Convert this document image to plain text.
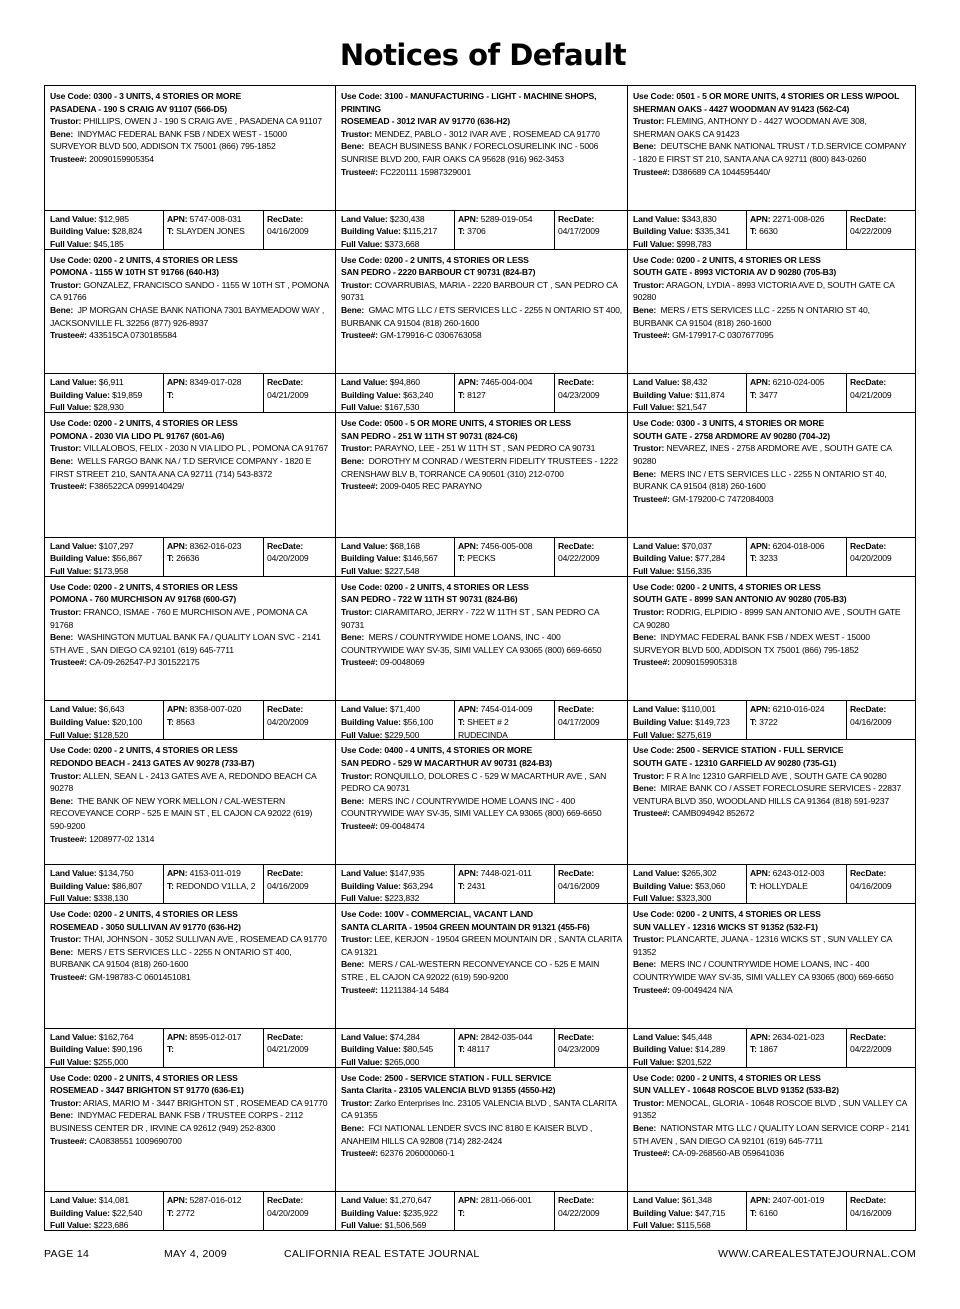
Notices of Default
Use Code: 0300 - 3 UNITS, 4 STORIES OR MORE
PASADENA - 190 S CRAIG AV 91107 (566-D5)
Trustor: PHILLIPS, OWEN J - 190 S CRAIG AVE , PASADENA CA 91107
Bene: INDYMAC FEDERAL BANK FSB / NDEX WEST - 15000 SURVEYOR BLVD 500, ADDISON TX 75001 (866) 795-1852
Trustee#: 20090159905354
Land Value: $12,985
Building Value: $28,824
Full Value: $45,185
APN: 5747-008-031
T: SLAYDEN JONES
RecDate:
04/16/2009
Use Code: 0200 - 2 UNITS, 4 STORIES OR LESS
POMONA - 1155 W 10TH ST 91766 (640-H3)
Trustor: GONZALEZ, FRANCISCO SANDO - 1155 W 10TH ST , POMONA CA 91766
Bene: JP MORGAN CHASE BANK NATIONA 7301 BAYMEADOW WAY , JACKSONVILLE FL 32256 (877) 926-8937
Trustee#: 433515CA 0730185584
Land Value: $6,911
Building Value: $19,859
Full Value: $28,930
APN: 8349-017-028
T:
RecDate:
04/21/2009
Use Code: 0200 - 2 UNITS, 4 STORIES OR LESS
POMONA - 2030 VIA LIDO PL 91767 (601-A6)
Trustor: VILLALOBOS, FELIX - 2030 N VIA LIDO PL , POMONA CA 91767
Bene: WELLS FARGO BANK NA / T.D SERVICE COMPANY - 1820 E FIRST STREET 210, SANTA ANA CA 92711 (714) 543-8372
Trustee#: F386522CA 0999140429/
Land Value: $107,297
Building Value: $56,867
Full Value: $173,958
APN: 8362-016-023
T: 26636
RecDate:
04/20/2009
Use Code: 0200 - 2 UNITS, 4 STORIES OR LESS
POMONA - 760 MURCHISON AV 91768 (600-G7)
Trustor: FRANCO, ISMAE - 760 E MURCHISON AVE , POMONA CA 91768
Bene: WASHINGTON MUTUAL BANK FA / QUALITY LOAN SVC - 2141 5TH AVE , SAN DIEGO CA 92101 (619) 645-7711
Trustee#: CA-09-262547-PJ 301522175
Land Value: $6,643
Building Value: $20,100
Full Value: $128,520
APN: 8358-007-020
T: 8563
RecDate:
04/20/2009
Use Code: 0200 - 2 UNITS, 4 STORIES OR LESS
REDONDO BEACH - 2413 GATES AV 90278 (733-B7)
Trustor: ALLEN, SEAN L - 2413 GATES AVE A, REDONDO BEACH CA 90278
Bene: THE BANK OF NEW YORK MELLON / CAL-WESTERN RECOVEYANCE CORP - 525 E MAIN ST , EL CAJON CA 92022 (619) 590-9200
Trustee#: 1208977-02 1314
Land Value: $134,750
Building Value: $86,807
Full Value: $338,130
APN: 4153-011-019
T: REDONDO V1LLA, 2
RecDate:
04/16/2009
Use Code: 0200 - 2 UNITS, 4 STORIES OR LESS
ROSEMEAD - 3050 SULLIVAN AV 91770 (636-H2)
Trustor: THAI, JOHNSON - 3052 SULLIVAN AVE , ROSEMEAD CA 91770
Bene: MERS / ETS SERVICES LLC - 2255 N ONTARIO ST 400, BURBANK CA 91504 (818) 260-1600
Trustee#: GM-198783-C 0601451081
Land Value: $162,764
Building Value: $90,196
Full Value: $255,000
APN: 8595-012-017
T:
RecDate:
04/21/2009
Use Code: 0200 - 2 UNITS, 4 STORIES OR LESS
ROSEMEAD - 3447 BRIGHTON ST 91770 (636-E1)
Trustor: ARIAS, MARIO M - 3447 BRIGHTON ST , ROSEMEAD CA 91770
Bene: INDYMAC FEDERAL BANK FSB / TRUSTEE CORPS - 2112 BUSINESS CENTER DR , IRVINE CA 92612 (949) 252-8300
Trustee#: CA0838551 1009690700
Land Value: $14,081
Building Value: $22,540
Full Value: $223,686
APN: 5287-016-012
T: 2772
RecDate:
04/20/2009
Use Code: 3100 - MANUFACTURING - LIGHT - MACHINE SHOPS, PRINTING
ROSEMEAD - 3012 IVAR AV 91770 (636-H2)
Trustor: MENDEZ, PABLO - 3012 IVAR AVE , ROSEMEAD CA 91770
Bene: BEACH BUSINESS BANK / FORECLOSURELINK INC - 5006 SUNRISE BLVD 200, FAIR OAKS CA 95628 (916) 962-3453
Trustee#: FC220111 15987329001
Land Value: $230,438
Building Value: $115,217
Full Value: $373,668
APN: 5289-019-054
T: 3706
RecDate:
04/17/2009
Use Code: 0200 - 2 UNITS, 4 STORIES OR LESS
SAN PEDRO - 2220 BARBOUR CT 90731 (824-B7)
Trustor: COVARRUBIAS, MARIA - 2220 BARBOUR CT , SAN PEDRO CA 90731
Bene: GMAC MTG LLC / ETS SERVICES LLC - 2255 N ONTARIO ST 400, BURBANK CA 91504 (818) 260-1600
Trustee#: GM-179916-C 0306763058
Land Value: $94,860
Building Value: $63,240
Full Value: $167,530
APN: 7465-004-004
T: 8127
RecDate:
04/23/2009
Use Code: 0500 - 5 OR MORE UNITS, 4 STORIES OR LESS
SAN PEDRO - 251 W 11TH ST 90731 (824-C6)
Trustor: PARAYNO, LEE - 251 W 11TH ST , SAN PEDRO CA 90731
Bene: DOROTHY M CONRAD / WESTERN FIDELITY TRUSTEES - 1222 CRENSHAW BLV B, TORRANCE CA 90501 (310) 212-0700
Trustee#: 2009-0405 REC PARAYNO
Land Value: $68,168
Building Value: $146,567
Full Value: $227,548
APN: 7456-005-008
T: PECKS
RecDate:
04/22/2009
Use Code: 0200 - 2 UNITS, 4 STORIES OR LESS
SAN PEDRO - 722 W 11TH ST 90731 (824-B6)
Trustor: CIARAMITARO, JERRY - 722 W 11TH ST , SAN PEDRO CA 90731
Bene: MERS / COUNTRYWIDE HOME LOANS, INC - 400 COUNTRYWIDE WAY SV-35, SIMI VALLEY CA 93065 (800) 669-6650
Trustee#: 09-0048069
Land Value: $71,400
Building Value: $56,100
Full Value: $229,500
APN: 7454-014-009
T: SHEET # 2 RUDECINDA
RecDate:
04/17/2009
Use Code: 0400 - 4 UNITS, 4 STORIES OR MORE
SAN PEDRO - 529 W MACARTHUR AV 90731 (824-B3)
Trustor: RONQUILLO, DOLORES C - 529 W MACARTHUR AVE , SAN PEDRO CA 90731
Bene: MERS INC / COUNTRYWIDE HOME LOANS INC - 400 COUNTRYWIDE WAY SV-35, SIMI VALLEY CA 93065 (800) 669-6650
Trustee#: 09-0048474
Land Value: $147,935
Building Value: $63,294
Full Value: $223,832
APN: 7448-021-011
T: 2431
RecDate:
04/16/2009
Use Code: 100V - COMMERCIAL, VACANT LAND
SANTA CLARITA - 19504 GREEN MOUNTAIN DR 91321 (455-F6)
Trustor: LEE, KERJON - 19504 GREEN MOUNTAIN DR , SANTA CLARITA CA 91321
Bene: MERS / CAL-WESTERN RECONVEYANCE CO - 525 E MAIN STRE , EL CAJON CA 92022 (619) 590-9200
Trustee#: 11211384-14 5484
Land Value: $74,284
Building Value: $80,545
Full Value: $265,000
APN: 2842-035-044
T: 48117
RecDate:
04/23/2009
Use Code: 2500 - SERVICE STATION - FULL SERVICE
Santa Clarita - 23105 VALENCIA BLVD 91355 (4550-H2)
Trustor: Zarko Enterprises Inc. 23105 VALENCIA BLVD , SANTA CLARITA CA 91355
Bene: FCI NATIONAL LENDER SVCS INC 8180 E KAISER BLVD , ANAHEIM HILLS CA 92808 (714) 282-2424
Trustee#: 62376 206000060-1
Land Value: $1,270,647
Building Value: $235,922
Full Value: $1,506,569
APN: 2811-066-001
T:
RecDate:
04/22/2009
Use Code: 0501 - 5 OR MORE UNITS, 4 STORIES OR LESS W/POOL
SHERMAN OAKS - 4427 WOODMAN AV 91423 (562-C4)
Trustor: FLEMING, ANTHONY D - 4427 WOODMAN AVE 308, SHERMAN OAKS CA 91423
Bene: DEUTSCHE BANK NATIONAL TRUST / T.D.SERVICE COMPANY - 1820 E FIRST ST 210, SANTA ANA CA 92711 (800) 843-0260
Trustee#: D386689 CA 1044595440/
Land Value: $343,830
Building Value: $335,341
Full Value: $998,783
APN: 2271-008-026
T: 6630
RecDate:
04/22/2009
Use Code: 0200 - 2 UNITS, 4 STORIES OR LESS
SOUTH GATE - 8993 VICTORIA AV D 90280 (705-B3)
Trustor: ARAGON, LYDIA - 8993 VICTORIA AVE D, SOUTH GATE CA 90280
Bene: MERS / ETS SERVICES LLC - 2255 N ONTARIO ST 40, BURBANK CA 91504 (818) 260-1600
Trustee#: GM-179917-C 0307677095
Land Value: $8,432
Building Value: $11,874
Full Value: $21,547
APN: 6210-024-005
T: 3477
RecDate:
04/21/2009
Use Code: 0300 - 3 UNITS, 4 STORIES OR MORE
SOUTH GATE - 2758 ARDMORE AV 90280 (704-J2)
Trustor: NEVAREZ, INES - 2758 ARDMORE AVE , SOUTH GATE CA 90280
Bene: MERS INC / ETS SERVICES LLC - 2255 N ONTARIO ST 40, BURANK CA 91504 (818) 260-1600
Trustee#: GM-179200-C 7472084003
Land Value: $70,037
Building Value: $77,284
Full Value: $156,335
APN: 6204-018-006
T: 3233
RecDate:
04/20/2009
Use Code: 0200 - 2 UNITS, 4 STORIES OR LESS
SOUTH GATE - 8999 SAN ANTONIO AV 90280 (705-B3)
Trustor: RODRIG, ELPIDIO - 8999 SAN ANTONIO AVE , SOUTH GATE CA 90280
Bene: INDYMAC FEDERAL BANK FSB / NDEX WEST - 15000 SURVEYOR BLVD 500, ADDISON TX 75001 (866) 795-1852
Trustee#: 20090159905318
Land Value: $110,001
Building Value: $149,723
Full Value: $275,619
APN: 6210-016-024
T: 3722
RecDate:
04/16/2009
Use Code: 2500 - SERVICE STATION - FULL SERVICE
SOUTH GATE - 12310 GARFIELD AV 90280 (735-G1)
Trustor: F R A Inc 12310 GARFIELD AVE , SOUTH GATE CA 90280
Bene: MIRAE BANK CO / ASSET FORECLOSURE SERVICES - 22837 VENTURA BLVD 350, WOODLAND HILLS CA 91364 (818) 591-9237
Trustee#: CAMB094942 852672
Land Value: $265,302
Building Value: $53,060
Full Value: $323,300
APN: 6243-012-003
T: HOLLYDALE
RecDate:
04/16/2009
Use Code: 0200 - 2 UNITS, 4 STORIES OR LESS
SUN VALLEY - 12316 WICKS ST 91352 (532-F1)
Trustor: PLANCARTE, JUANA - 12316 WICKS ST , SUN VALLEY CA 91352
Bene: MERS INC / COUNTRYWIDE HOME LOANS, INC - 400 COUNTRYWIDE WAY SV-35, SIMI VALLEY CA 93065 (800) 669-6650
Trustee#: 09-0049424 N/A
Land Value: $45,448
Building Value: $14,289
Full Value: $201,522
APN: 2634-021-023
T: 1867
RecDate:
04/22/2009
Use Code: 0200 - 2 UNITS, 4 STORIES OR LESS
SUN VALLEY - 10648 ROSCOE BLVD 91352 (533-B2)
Trustor: MENOCAL, GLORIA - 10648 ROSCOE BLVD , SUN VALLEY CA 91352
Bene: NATIONSTAR MTG LLC / QUALITY LOAN SERVICE CORP - 2141 5TH AVEN , SAN DIEGO CA 92101 (619) 645-7711
Trustee#: CA-09-268560-AB 059641036
Land Value: $61,348
Building Value: $47,715
Full Value: $115,568
APN: 2407-001-019
T: 6160
RecDate:
04/16/2009
PAGE 14	MAY 4, 2009	CALIFORNIA REAL ESTATE JOURNAL	WWW.CAREALESTATEJOURNAL.COM
